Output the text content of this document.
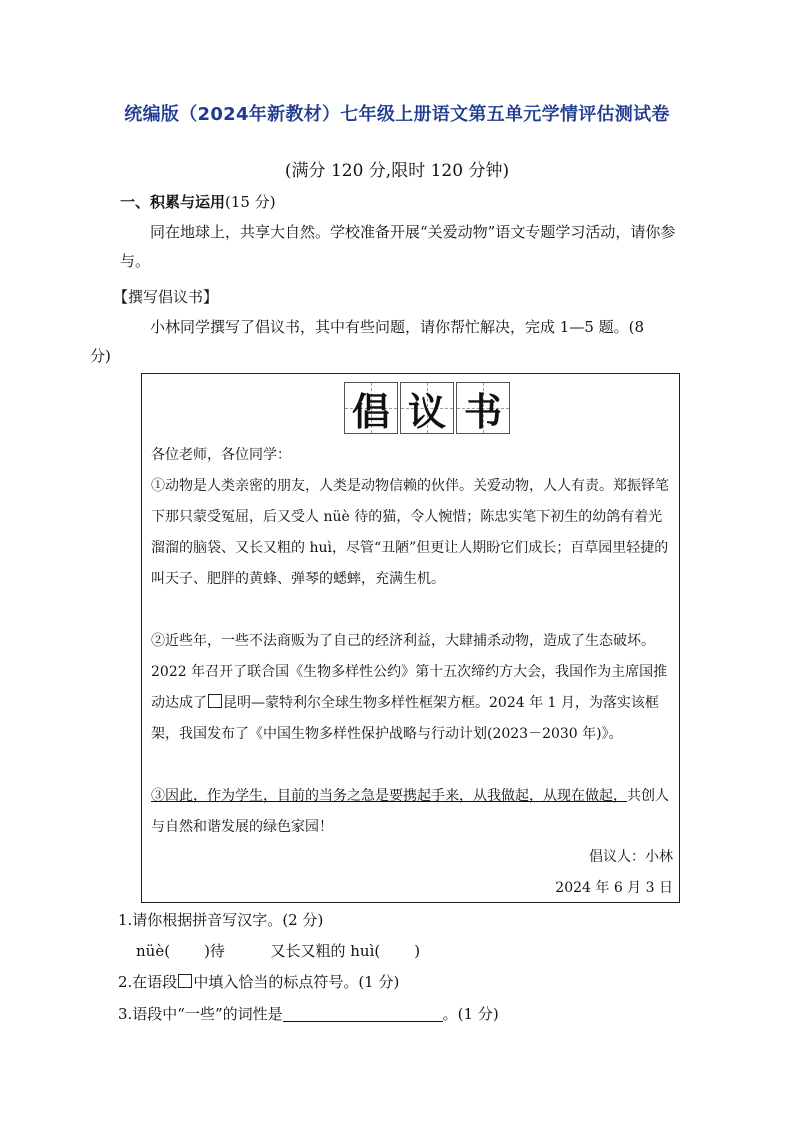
统编版（2024年新教材）七年级上册语文第五单元学情评估测试卷
(满分 120 分,限时 120 分钟)
一、积累与运用(15 分)
同在地球上，共享大自然。学校准备开展“关爱动物”语文专题学习活动，请你参与。
【撰写倡议书】
小林同学撰写了倡议书，其中有些问题，请你帮忙解决，完成 1—5 题。(8
分)
倡 议 书
各位老师，各位同学：
①动物是人类亲密的朋友，人类是动物信赖的伙伴。关爱动物，人人有责。郑振铎笔下那只蒙受冤屈，后又受人 nüè 待的猫，令人惋惜；陈忠实笔下初生的幼鸽有着光溜溜的脑袋、又长又粗的 huì，尽管“丑陋”但更让人期盼它们成长；百草园里轻捷的叫天子、肥胖的黄蜂、弹琴的蟋蟀，充满生机。
②近些年，一些不法商贩为了自己的经济利益，大肆捕杀动物，造成了生态破坏。2022 年召开了联合国《生物多样性公约》第十五次缔约方大会，我国作为主席国推动达成了 昆明—蒙特利尔全球生物多样性框架方框。2024 年 1 月，为落实该框架，我国发布了《中国生物多样性保护战略与行动计划(2023－2030 年)》。
③因此，作为学生，目前的当务之急是要携起手来，从我做起，从现在做起，共创人与自然和谐发展的绿色家园！
倡议人：小林
2024 年 6 月 3 日
1.请你根据拼音写汉字。(2 分)
nüè( )待	又长又粗的 huì( )
2.在语段 中填入恰当的标点符号。(1 分)
3.语段中“一些”的词性是	。(1 分)
